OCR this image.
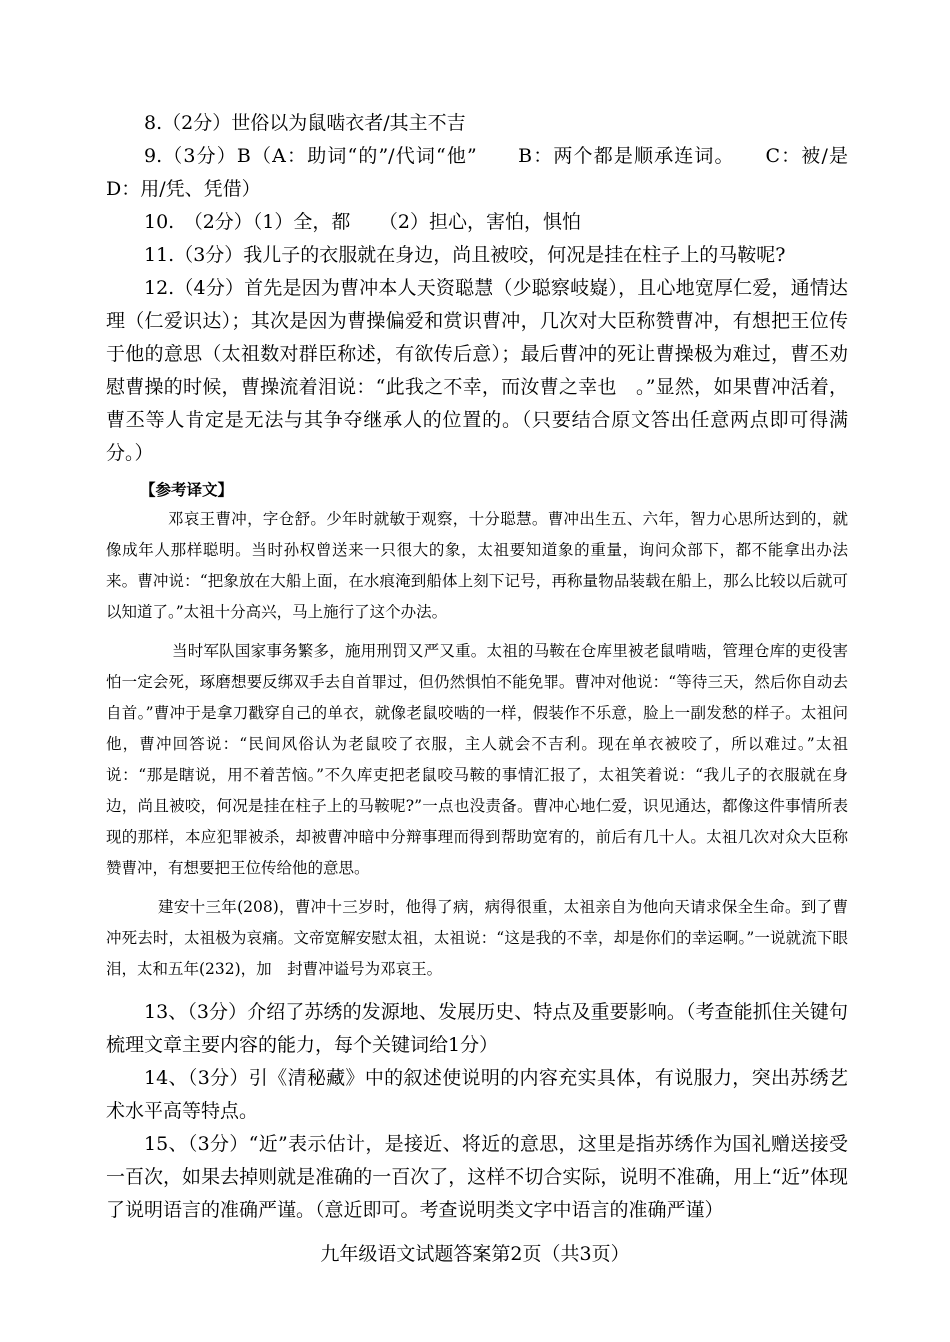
8.（2分）世俗以为鼠啮衣者/其主不吉
9.（3分）B（A：助词“的”/代词“他”　　B：两个都是顺承连词。　　C：被/是　　D：用/凭、凭借）
10.　（2分）（1）全，都　　（2）担心，害怕，惧怕
11.（3分）我儿子的衣服就在身边，尚且被咬，何况是挂在柱子上的马鞍呢?
12.（4分）首先是因为曹冲本人天资聪慧（少聪察岐嶷），且心地宽厚仁爱，通情达理（仁爱识达）；其次是因为曹操偏爱和赏识曹冲，几次对大臣称赞曹冲，有想把王位传于他的意思（太祖数对群臣称述，有欲传后意）；最后曹冲的死让曹操极为难过，曹丕劝慰曹操的时候，曹操流着泪说：“此我之不幸，而汝曹之幸也　。”显然，如果曹冲活着，曹丕等人肯定是无法与其争夺继承人的位置的。（只要结合原文答出任意两点即可得满分。）
【参考译文】

邓哀王曹冲，字仓舒。少年时就敏于观察，十分聪慧。曹冲出生五、六年，智力心思所达到的，就像成年人那样聪明。当时孙权曾送来一只很大的象，太祖要知道象的重量，询问众部下，都不能拿出办法来。曹冲说：“把象放在大船上面，在水痕淹到船体上刻下记号，再称量物品装载在船上，那么比较以后就可以知道了。”太祖十分高兴，马上施行了这个办法。

当时军队国家事务繁多，施用刑罚又严又重。太祖的马鞍在仓库里被老鼠啃啮，管理仓库的吏役害怕一定会死，琢磨想要反绑双手去自首罪过，但仍然惧怕不能免罪。曹冲对他说：“等待三天，然后你自动去自首。”曹冲于是拿刀戳穿自己的单衣，就像老鼠咬啮的一样，假装作不乐意，脸上一副发愁的样子。太祖问他，曹冲回答说：“民间风俗认为老鼠咬了衣服，主人就会不吉利。现在单衣被咬了，所以难过。”太祖说：“那是瞎说，用不着苦恼。”不久库吏把老鼠咬马鞍的事情汇报了，太祖笑着说：“我儿子的衣服就在身边，尚且被咬，何况是挂在柱子上的马鞍呢?”一点也没责备。曹冲心地仁爱，识见通达，都像这件事情所表现的那样，本应犯罪被杀，却被曹冲暗中分辩事理而得到帮助宽宥的，前后有几十人。太祖几次对众大臣称赞曹冲，有想要把王位传给他的意思。

建安十三年(208)，曹冲十三岁时，他得了病，病得很重，太祖亲自为他向天请求保全生命。到了曹冲死去时，太祖极为哀痛。文帝宽解安慰太祖，太祖说：“这是我的不幸，却是你们的幸运啊。”一说就流下眼泪，太和五年(232)，加　封曹冲谥号为邓哀王。

13、（3分）介绍了苏绣的发源地、发展历史、特点及重要影响。（考查能抓住关键句梳理文章主要内容的能力，每个关键词给1分）
14、（3分）引《清秘藏》中的叙述使说明的内容充实具体，有说服力，突出苏绣艺术水平高等特点。
15、（3分）“近”表示估计，是接近、将近的意思，这里是指苏绣作为国礼赠送接受一百次，如果去掉则就是准确的一百次了，这样不切合实际，说明不准确，用上“近”体现了说明语言的准确严谨。（意近即可。考查说明类文字中语言的准确严谨）
九年级语文试题答案第2页（共3页）
